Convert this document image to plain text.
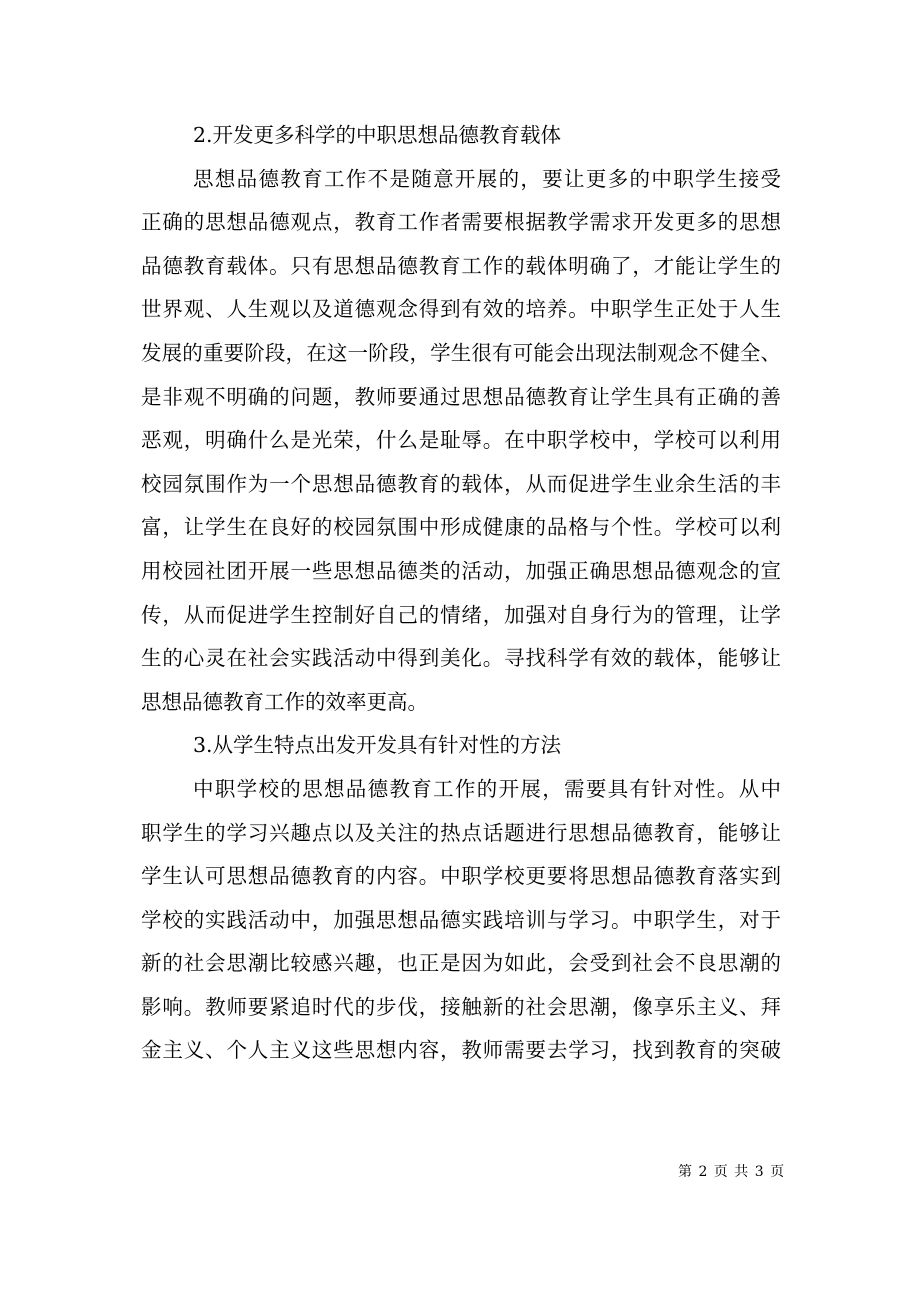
2.开发更多科学的中职思想品德教育载体
思想品德教育工作不是随意开展的，要让更多的中职学生接受
正确的思想品德观点，教育工作者需要根据教学需求开发更多的思想
品德教育载体。只有思想品德教育工作的载体明确了，才能让学生的
世界观、人生观以及道德观念得到有效的培养。中职学生正处于人生
发展的重要阶段，在这一阶段，学生很有可能会出现法制观念不健全、
是非观不明确的问题，教师要通过思想品德教育让学生具有正确的善
恶观，明确什么是光荣，什么是耻辱。在中职学校中，学校可以利用
校园氛围作为一个思想品德教育的载体，从而促进学生业余生活的丰
富，让学生在良好的校园氛围中形成健康的品格与个性。学校可以利
用校园社团开展一些思想品德类的活动，加强正确思想品德观念的宣
传，从而促进学生控制好自己的情绪，加强对自身行为的管理，让学
生的心灵在社会实践活动中得到美化。寻找科学有效的载体，能够让
思想品德教育工作的效率更高。
3.从学生特点出发开发具有针对性的方法
中职学校的思想品德教育工作的开展，需要具有针对性。从中
职学生的学习兴趣点以及关注的热点话题进行思想品德教育，能够让
学生认可思想品德教育的内容。中职学校更要将思想品德教育落实到
学校的实践活动中，加强思想品德实践培训与学习。中职学生，对于
新的社会思潮比较感兴趣，也正是因为如此，会受到社会不良思潮的
影响。教师要紧追时代的步伐，接触新的社会思潮，像享乐主义、拜
金主义、个人主义这些思想内容，教师需要去学习，找到教育的突破
第 2 页 共 3 页
